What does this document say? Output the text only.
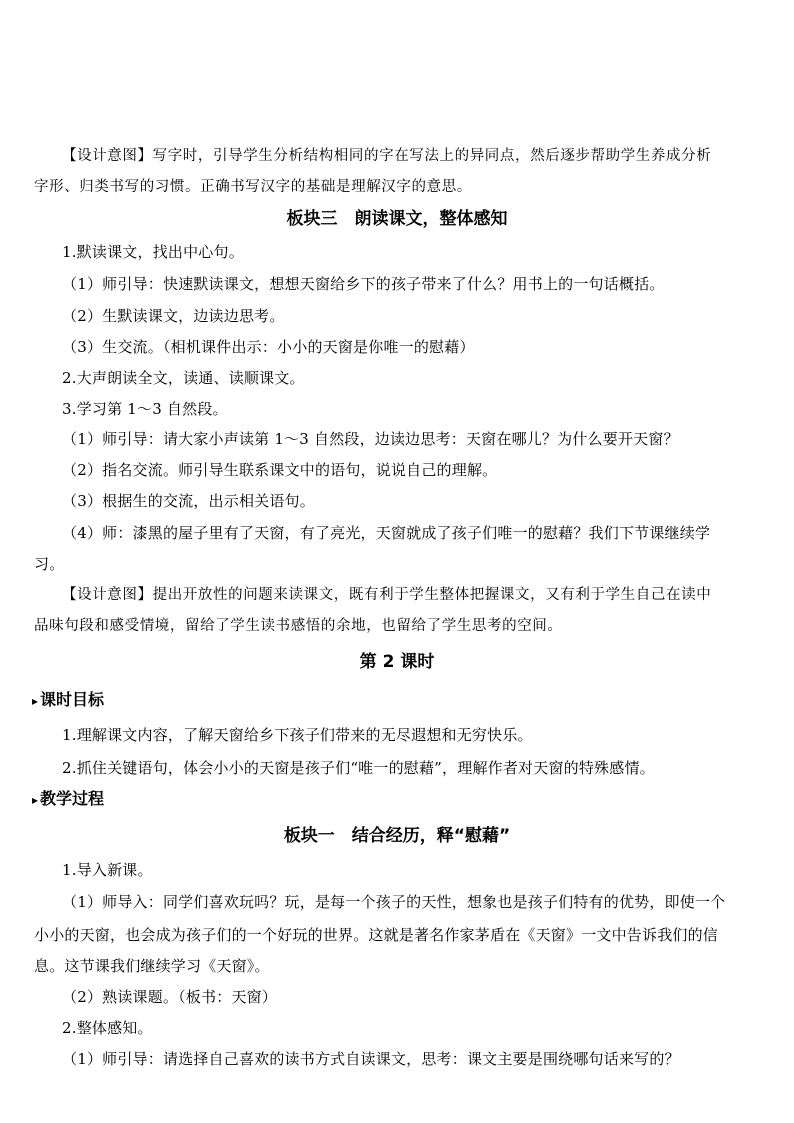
【设计意图】写字时，引导学生分析结构相同的字在写法上的异同点，然后逐步帮助学生养成分析
字形、归类书写的习惯。正确书写汉字的基础是理解汉字的意思。
板块三　朗读课文，整体感知
1.默读课文，找出中心句。
（1）师引导：快速默读课文，想想天窗给乡下的孩子带来了什么？用书上的一句话概括。
（2）生默读课文，边读边思考。
（3）生交流。（相机课件出示：小小的天窗是你唯一的慰藉）
2.大声朗读全文，读通、读顺课文。
3.学习第 1～3 自然段。
（1）师引导：请大家小声读第 1～3 自然段，边读边思考：天窗在哪儿？为什么要开天窗？
（2）指名交流。师引导生联系课文中的语句，说说自己的理解。
（3）根据生的交流，出示相关语句。
（4）师：漆黑的屋子里有了天窗，有了亮光，天窗就成了孩子们唯一的慰藉？我们下节课继续学
习。
【设计意图】提出开放性的问题来读课文，既有利于学生整体把握课文，又有利于学生自己在读中
品味句段和感受情境，留给了学生读书感悟的余地，也留给了学生思考的空间。
第 2 课时
▸ 课时目标
1.理解课文内容，了解天窗给乡下孩子们带来的无尽遐想和无穷快乐。
2.抓住关键语句，体会小小的天窗是孩子们“唯一的慰藉”，理解作者对天窗的特殊感情。
▸ 教学过程
板块一　结合经历，释“慰藉”
1.导入新课。
（1）师导入：同学们喜欢玩吗？玩，是每一个孩子的天性，想象也是孩子们特有的优势，即使一个
小小的天窗，也会成为孩子们的一个好玩的世界。这就是著名作家茅盾在《天窗》一文中告诉我们的信
息。这节课我们继续学习《天窗》。
（2）熟读课题。（板书：天窗）
2.整体感知。
（1）师引导：请选择自己喜欢的读书方式自读课文，思考：课文主要是围绕哪句话来写的？
